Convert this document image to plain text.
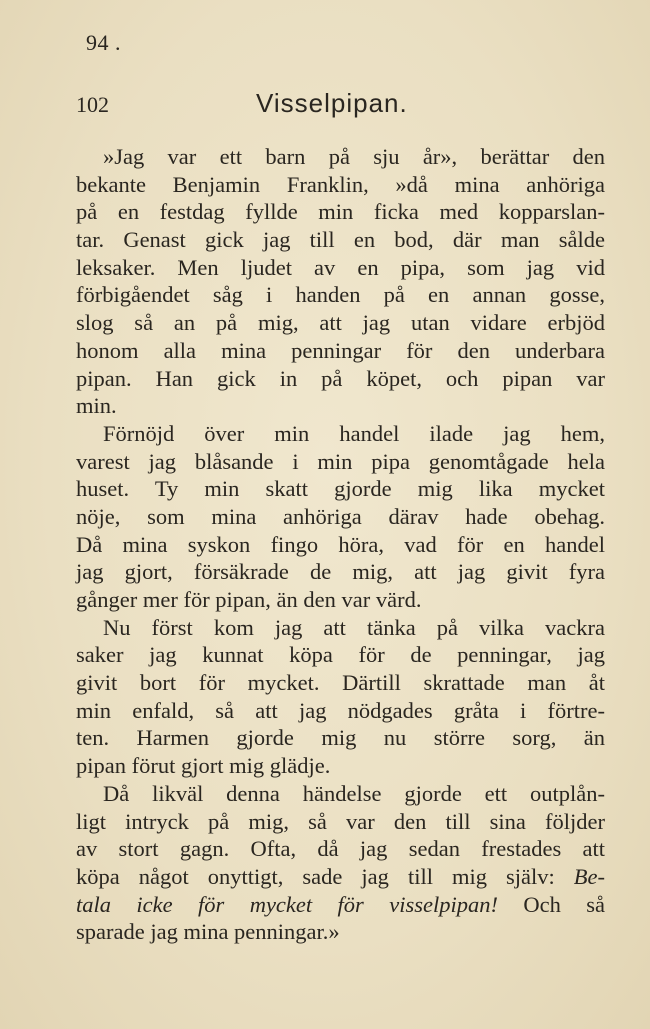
94 .
102	Visselpipan.
»Jag var ett barn på sju år», berättar den
bekante Benjamin Franklin, »då mina anhöriga
på en festdag fyllde min ficka med kopparslan-
tar. Genast gick jag till en bod, där man sålde
leksaker. Men ljudet av en pipa, som jag vid
förbigåendet såg i handen på en annan gosse,
slog så an på mig, att jag utan vidare erbjöd
honom alla mina penningar för den underbara
pipan. Han gick in på köpet, och pipan var
min.
Förnöjd över min handel ilade jag hem,
varest jag blåsande i min pipa genomtågade hela
huset. Ty min skatt gjorde mig lika mycket
nöje, som mina anhöriga därav hade obehag.
Då mina syskon fingo höra, vad för en handel
jag gjort, försäkrade de mig, att jag givit fyra
gånger mer för pipan, än den var värd.
Nu först kom jag att tänka på vilka vackra
saker jag kunnat köpa för de penningar, jag
givit bort för mycket. Därtill skrattade man åt
min enfald, så att jag nödgades gråta i förtre-
ten. Harmen gjorde mig nu större sorg, än
pipan förut gjort mig glädje.
Då likväl denna händelse gjorde ett outplån-
ligt intryck på mig, så var den till sina följder
av stort gagn. Ofta, då jag sedan frestades att
köpa något onyttigt, sade jag till mig själv: Be-
tala icke för mycket för visselpipan! Och så
sparade jag mina penningar.»
